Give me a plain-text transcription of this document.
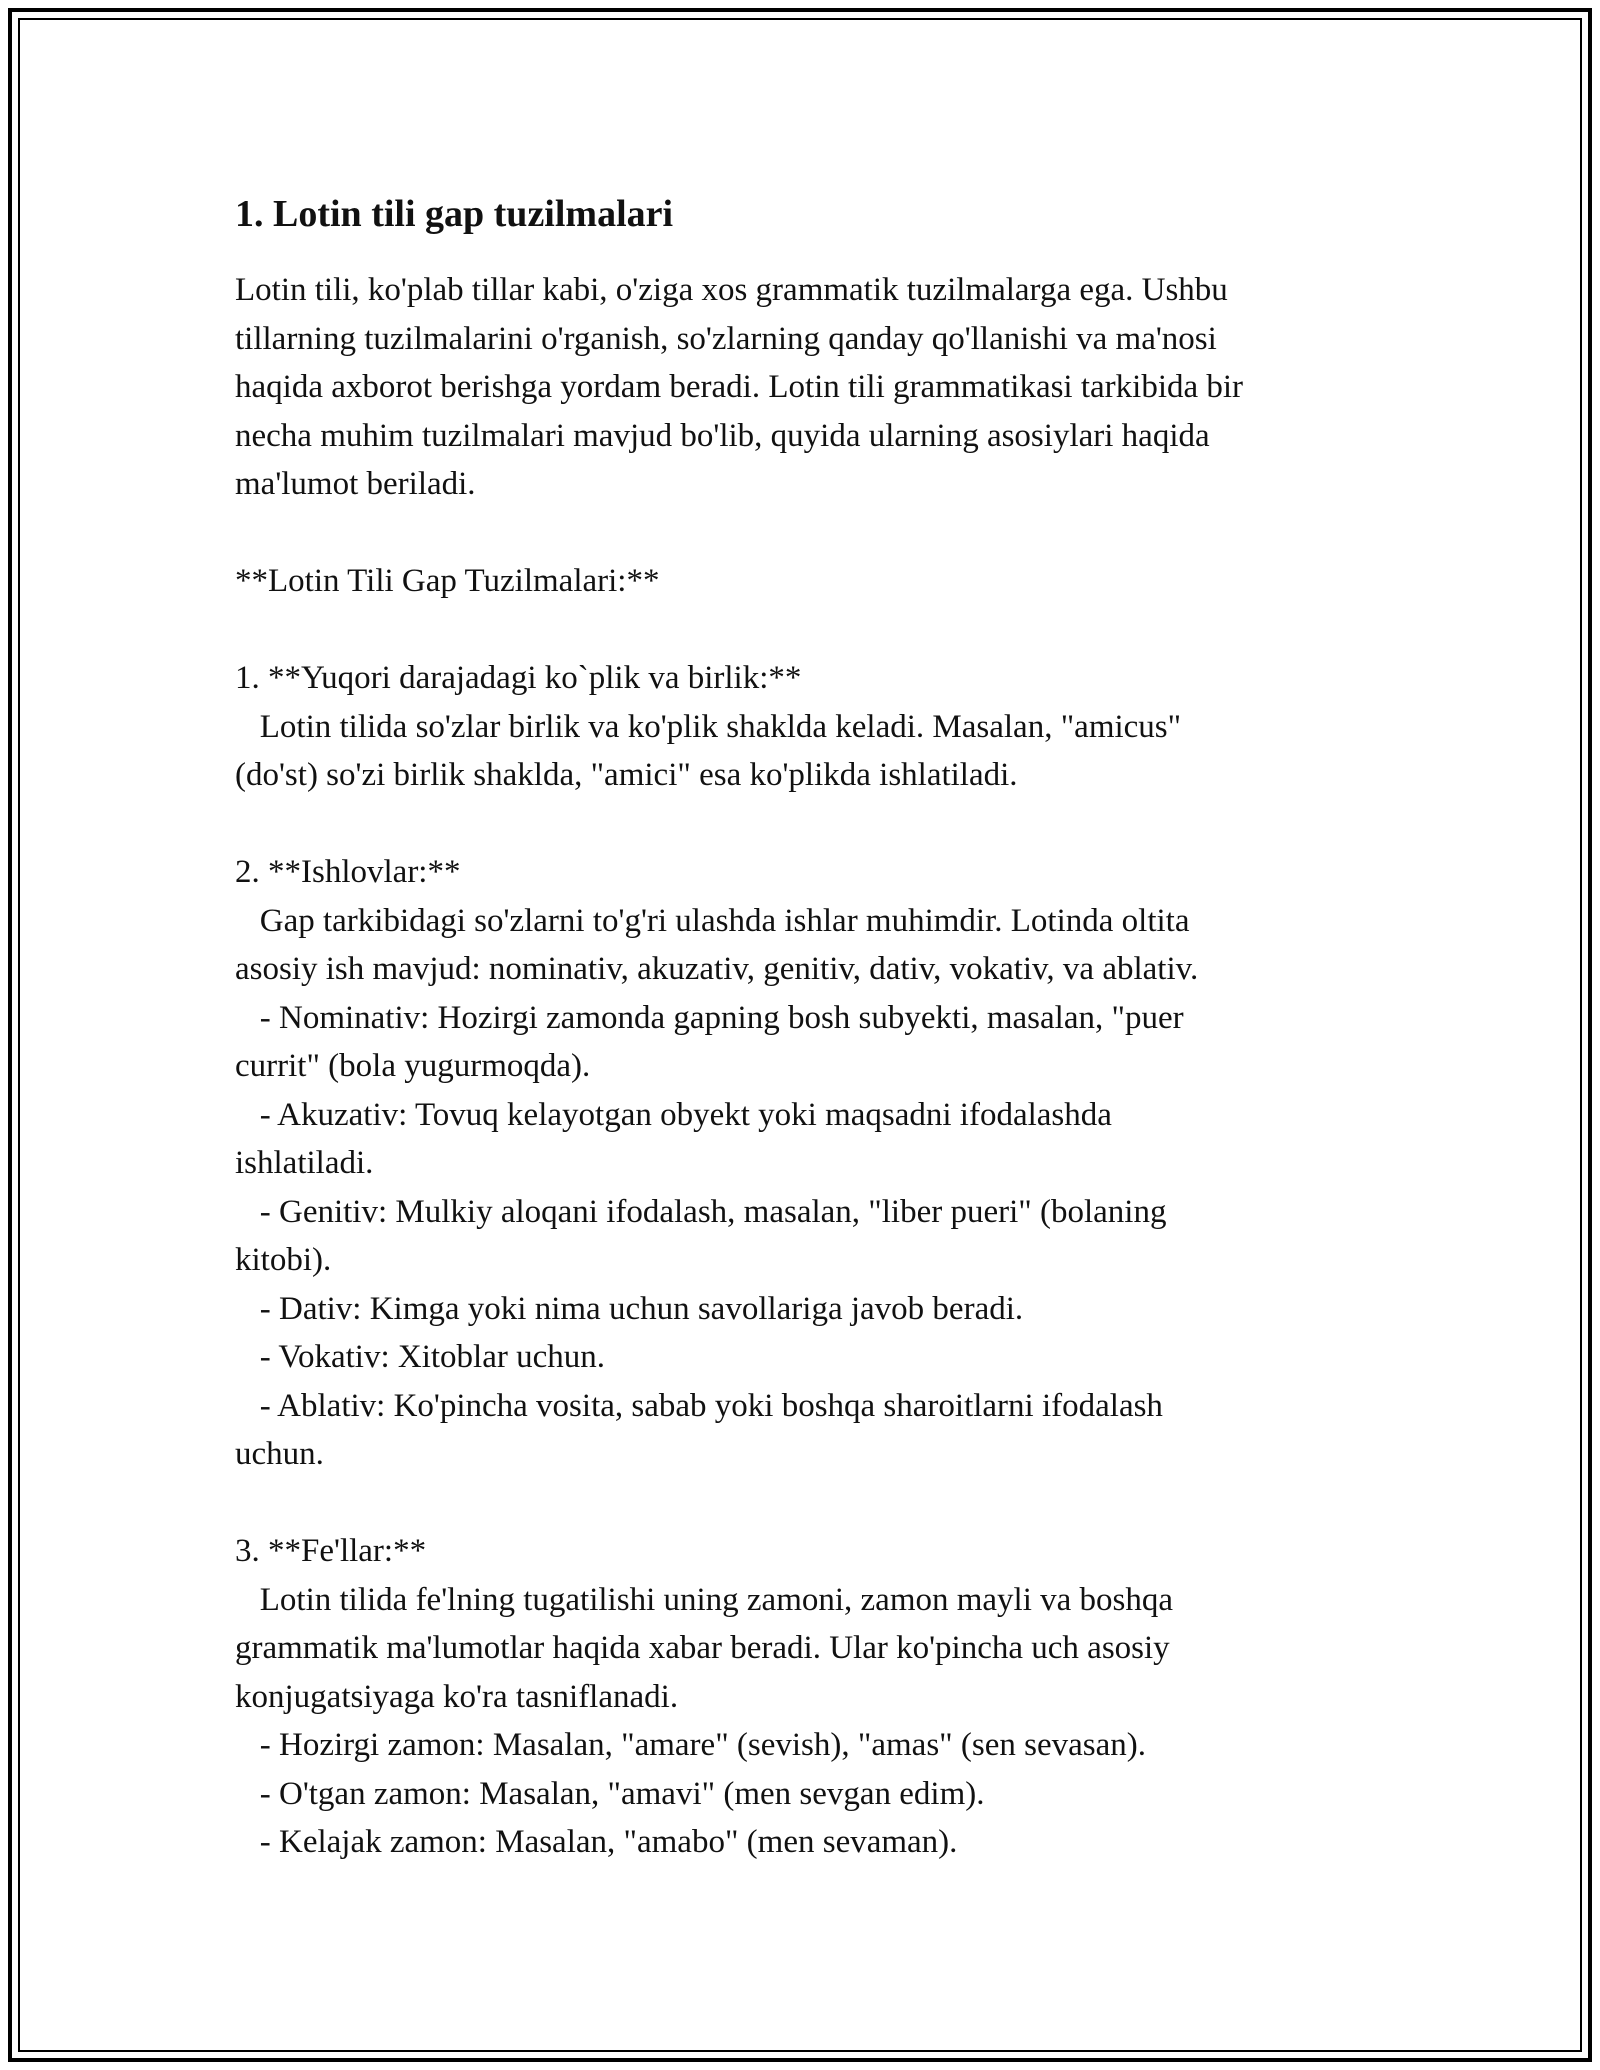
1. Lotin tili gap tuzilmalari

Lotin tili, ko'plab tillar kabi, o'ziga xos grammatik tuzilmalarga ega. Ushbu
tillarning tuzilmalarini o'rganish, so'zlarning qanday qo'llanishi va ma'nosi
haqida axborot berishga yordam beradi. Lotin tili grammatikasi tarkibida bir
necha muhim tuzilmalari mavjud bo'lib, quyida ularning asosiylari haqida
ma'lumot beriladi.

**Lotin Tili Gap Tuzilmalari:**

1. **Yuqori darajadagi ko`plik va birlik:**
Lotin tilida so'zlar birlik va ko'plik shaklda keladi. Masalan, "amicus"
(do'st) so'zi birlik shaklda, "amici" esa ko'plikda ishlatiladi.

2. **Ishlovlar:**
Gap tarkibidagi so'zlarni to'g'ri ulashda ishlar muhimdir. Lotinda oltita
asosiy ish mavjud: nominativ, akuzativ, genitiv, dativ, vokativ, va ablativ.
- Nominativ: Hozirgi zamonda gapning bosh subyekti, masalan, "puer
currit" (bola yugurmoqda).
- Akuzativ: Tovuq kelayotgan obyekt yoki maqsadni ifodalashda
ishlatiladi.
- Genitiv: Mulkiy aloqani ifodalash, masalan, "liber pueri" (bolaning
kitobi).
- Dativ: Kimga yoki nima uchun savollariga javob beradi.
- Vokativ: Xitoblar uchun.
- Ablativ: Ko'pincha vosita, sabab yoki boshqa sharoitlarni ifodalash
uchun.

3. **Fe'llar:**
Lotin tilida fe'lning tugatilishi uning zamoni, zamon mayli va boshqa
grammatik ma'lumotlar haqida xabar beradi. Ular ko'pincha uch asosiy
konjugatsiyaga ko'ra tasniflanadi.
- Hozirgi zamon: Masalan, "amare" (sevish), "amas" (sen sevasan).
- O'tgan zamon: Masalan, "amavi" (men sevgan edim).
- Kelajak zamon: Masalan, "amabo" (men sevaman).
